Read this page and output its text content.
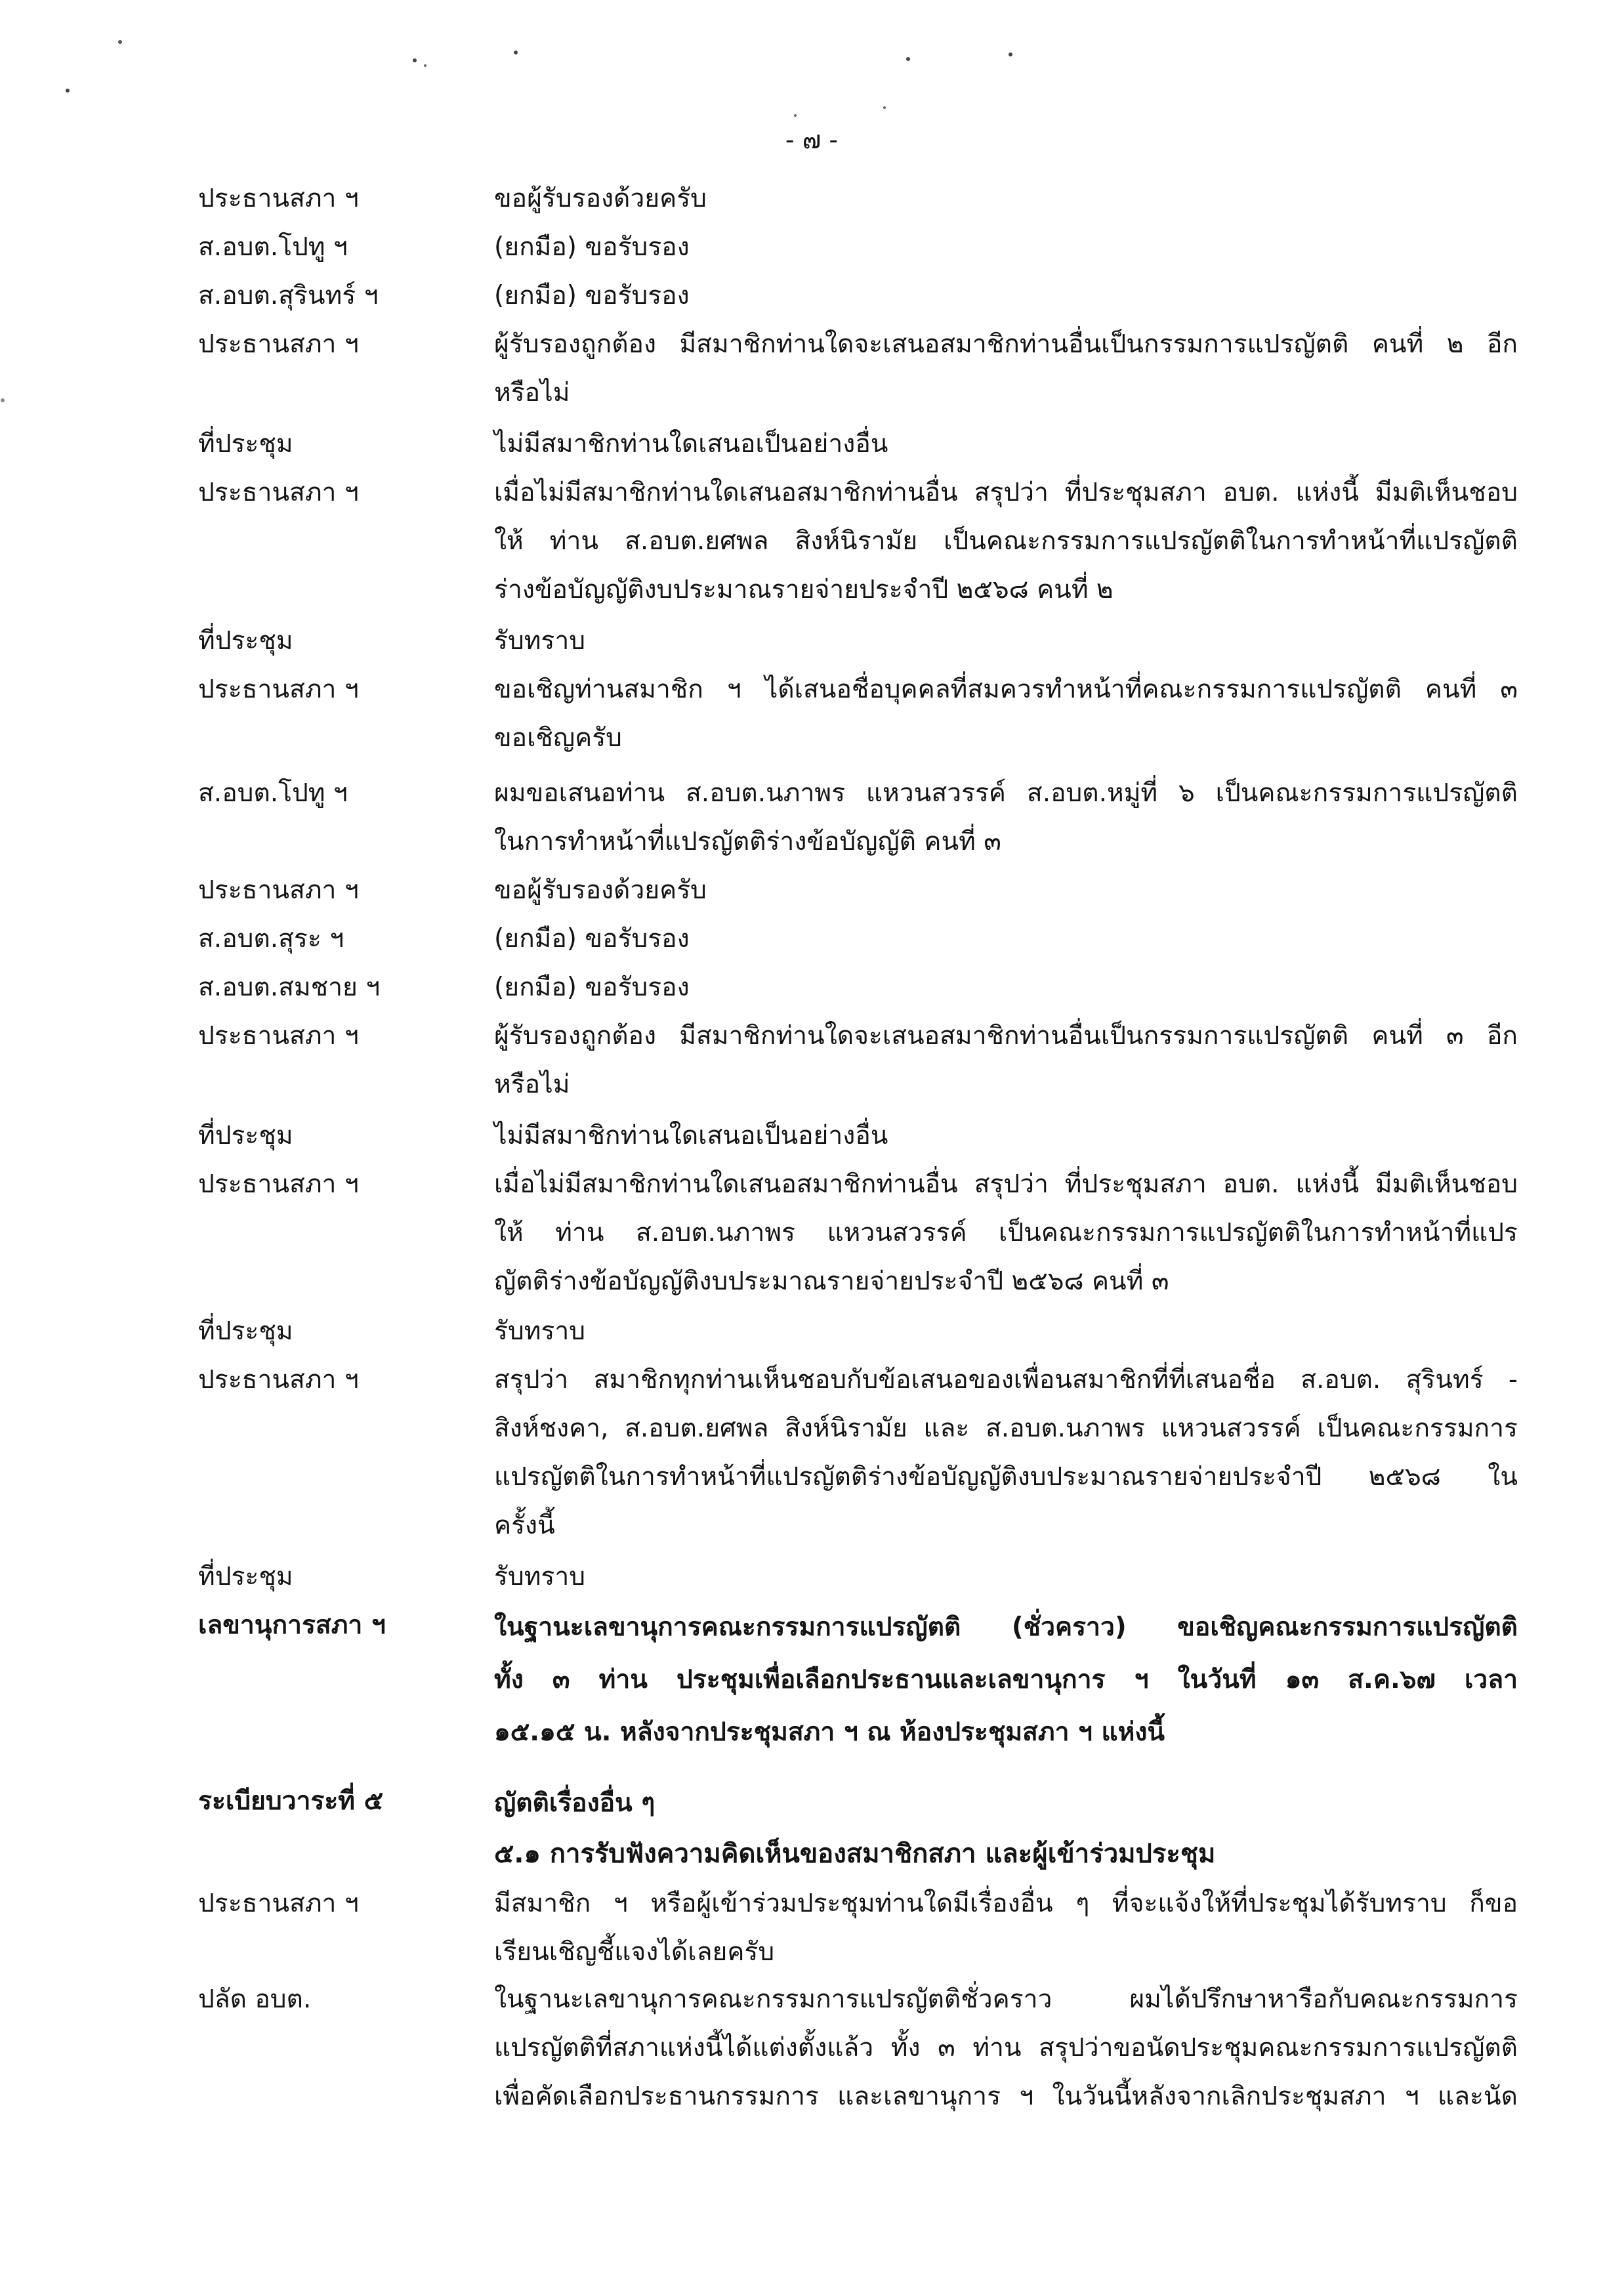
- ๗ -
ประธานสภา ฯ	ขอผู้รับรองด้วยครับ
ส.อบต.โปทู ฯ	(ยกมือ) ขอรับรอง
ส.อบต.สุรินทร์ ฯ	(ยกมือ) ขอรับรอง
ประธานสภา ฯ	ผู้รับรองถูกต้อง มีสมาชิกท่านใดจะเสนอสมาชิกท่านอื่นเป็นกรรมการแปรญัตติ คนที่ ๒ อีก
หรือไม่
ที่ประชุม	ไม่มีสมาชิกท่านใดเสนอเป็นอย่างอื่น
ประธานสภา ฯ	เมื่อไม่มีสมาชิกท่านใดเสนอสมาชิกท่านอื่น สรุปว่า ที่ประชุมสภา อบต. แห่งนี้ มีมติเห็นชอบ
ให้ ท่าน ส.อบต.ยศพล สิงห์นิรามัย เป็นคณะกรรมการแปรญัตติในการทำหน้าที่แปรญัตติ
ร่างข้อบัญญัติงบประมาณรายจ่ายประจำปี ๒๕๖๘ คนที่ ๒
ที่ประชุม	รับทราบ
ประธานสภา ฯ	ขอเชิญท่านสมาชิก ฯ ได้เสนอชื่อบุคคลที่สมควรทำหน้าที่คณะกรรมการแปรญัตติ คนที่ ๓
ขอเชิญครับ
ส.อบต.โปทู ฯ	ผมขอเสนอท่าน ส.อบต.นภาพร แหวนสวรรค์ ส.อบต.หมู่ที่ ๖ เป็นคณะกรรมการแปรญัตติ
ในการทำหน้าที่แปรญัตติร่างข้อบัญญัติ คนที่ ๓
ประธานสภา ฯ	ขอผู้รับรองด้วยครับ
ส.อบต.สุระ ฯ	(ยกมือ) ขอรับรอง
ส.อบต.สมชาย ฯ	(ยกมือ) ขอรับรอง
ประธานสภา ฯ	ผู้รับรองถูกต้อง มีสมาชิกท่านใดจะเสนอสมาชิกท่านอื่นเป็นกรรมการแปรญัตติ คนที่ ๓ อีก
หรือไม่
ที่ประชุม	ไม่มีสมาชิกท่านใดเสนอเป็นอย่างอื่น
ประธานสภา ฯ	เมื่อไม่มีสมาชิกท่านใดเสนอสมาชิกท่านอื่น สรุปว่า ที่ประชุมสภา อบต. แห่งนี้ มีมติเห็นชอบ
ให้ ท่าน ส.อบต.นภาพร แหวนสวรรค์ เป็นคณะกรรมการแปรญัตติในการทำหน้าที่แปร
ญัตติร่างข้อบัญญัติงบประมาณรายจ่ายประจำปี ๒๕๖๘ คนที่ ๓
ที่ประชุม	รับทราบ
ประธานสภา ฯ	สรุปว่า สมาชิกทุกท่านเห็นชอบกับข้อเสนอของเพื่อนสมาชิกที่ที่เสนอชื่อ ส.อบต. สุรินทร์ -
สิงห์ชงคา, ส.อบต.ยศพล สิงห์นิรามัย และ ส.อบต.นภาพร แหวนสวรรค์ เป็นคณะกรรมการ
แปรญัตติในการทำหน้าที่แปรญัตติร่างข้อบัญญัติงบประมาณรายจ่ายประจำปี ๒๕๖๘ ใน
ครั้งนี้
ที่ประชุม	รับทราบ
เลขานุการสภา ฯ	ในฐานะเลขานุการคณะกรรมการแปรญัตติ (ชั่วคราว) ขอเชิญคณะกรรมการแปรญัตติ
ทั้ง ๓ ท่าน ประชุมเพื่อเลือกประธานและเลขานุการ ฯ ในวันที่ ๑๓ ส.ค.๖๗ เวลา
๑๕.๑๕ น. หลังจากประชุมสภา ฯ ณ ห้องประชุมสภา ฯ แห่งนี้
ระเบียบวาระที่ ๕	ญัตติเรื่องอื่น ๆ
๕.๑ การรับฟังความคิดเห็นของสมาชิกสภา และผู้เข้าร่วมประชุม
ประธานสภา ฯ	มีสมาชิก ฯ หรือผู้เข้าร่วมประชุมท่านใดมีเรื่องอื่น ๆ ที่จะแจ้งให้ที่ประชุมได้รับทราบ ก็ขอ
เรียนเชิญชี้แจงได้เลยครับ
ปลัด อบต.	ในฐานะเลขานุการคณะกรรมการแปรญัตติชั่วคราว ผมได้ปรึกษาหารือกับคณะกรรมการ
แปรญัตติที่สภาแห่งนี้ได้แต่งตั้งแล้ว ทั้ง ๓ ท่าน สรุปว่าขอนัดประชุมคณะกรรมการแปรญัตติ
เพื่อคัดเลือกประธานกรรมการ และเลขานุการ ฯ ในวันนี้หลังจากเลิกประชุมสภา ฯ และนัด
